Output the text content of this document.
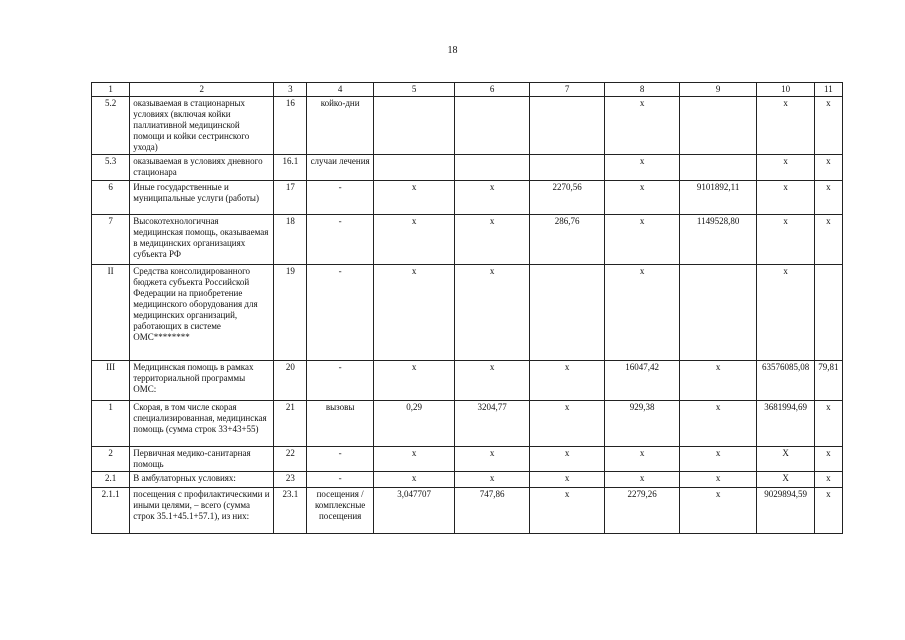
18
1	2	3	4	5	6	7	8	9	10	11
5.2	оказываемая в стационарных условиях (включая койки паллиативной медицинской помощи и койки сестринского ухода)	16	койко-дни				х		х	х
5.3	оказываемая в условиях дневного стационара	16.1	случаи лечения				х		х	х
6	Иные государственные и муниципальные услуги (работы)	17	-	х	х	2270,56	х	9101892,11	х	х
7	Высокотехнологичная медицинская помощь, оказываемая в медицинских организациях субъекта РФ	18	-	х	х	286,76	х	1149528,80	х	х
II	Средства консолидированного бюджета субъекта Российской Федерации на приобретение медицинского оборудования для медицинских организаций, работающих в системе ОМС********	19	-	х	х		х		х	
III	Медицинская помощь в рамках территориальной программы ОМС:	20	-	х	х	х	16047,42	х	63576085,08	79,81
1	Скорая, в том числе скорая специализированная, медицинская помощь (сумма строк 33+43+55)	21	вызовы	0,29	3204,77	х	929,38	х	3681994,69	х
2	Первичная медико-санитарная помощь	22	-	х	х	х	х	х	Х	х
2.1	В амбулаторных условиях:	23	-	х	х	х	х	х	Х	х
2.1.1	посещения с профилактическими и иными целями, – всего (сумма строк 35.1+45.1+57.1), из них:	23.1	посещения / комплексные посещения	3,047707	747,86	х	2279,26	х	9029894,59	х
